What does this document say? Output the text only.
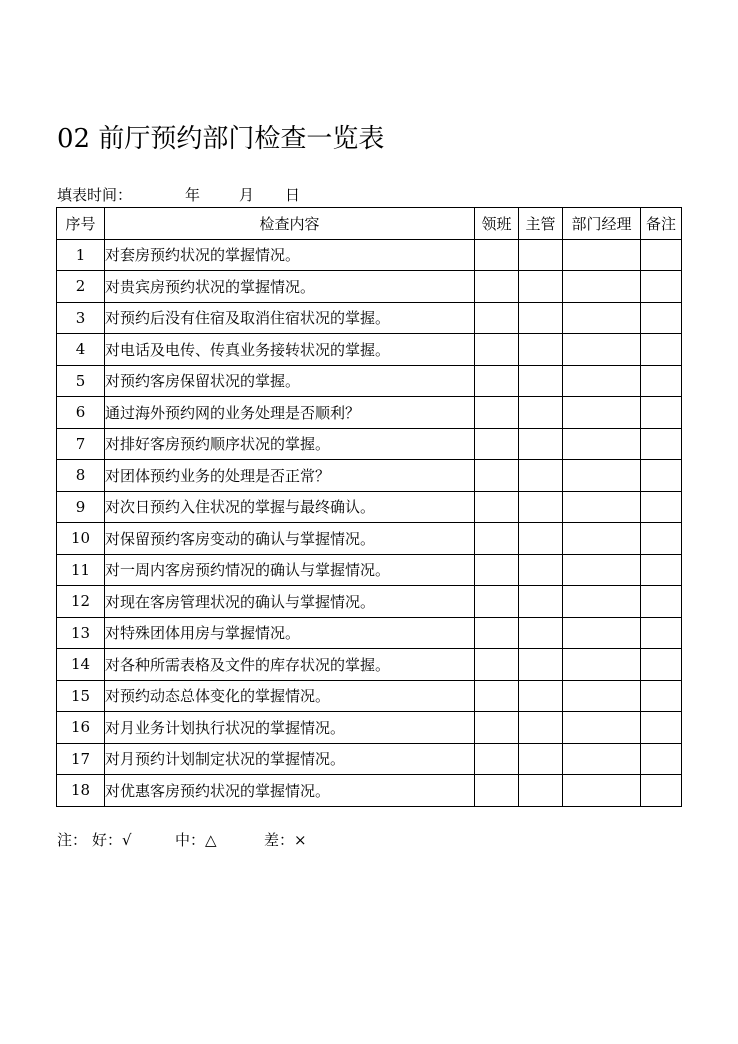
02 前厅预约部门检查一览表
填表时间：	年	月 日
序号	检查内容	领班	主管	部门经理	备注
1	对套房预约状况的掌握情况。				
2	对贵宾房预约状况的掌握情况。				
3	对预约后没有住宿及取消住宿状况的掌握。				
4	对电话及电传、传真业务接转状况的掌握。				
5	对预约客房保留状况的掌握。				
6	通过海外预约网的业务处理是否顺利？				
7	对排好客房预约顺序状况的掌握。				
8	对团体预约业务的处理是否正常？				
9	对次日预约入住状况的掌握与最终确认。				
10	对保留预约客房变动的确认与掌握情况。				
11	对一周内客房预约情况的确认与掌握情况。				
12	对现在客房管理状况的确认与掌握情况。				
13	对特殊团体用房与掌握情况。				
14	对各种所需表格及文件的库存状况的掌握。				
15	对预约动态总体变化的掌握情况。				
16	对月业务计划执行状况的掌握情况。				
17	对月预约计划制定状况的掌握情况。				
18	对优惠客房预约状况的掌握情况。				
注： 好：√	中：△	差：×
